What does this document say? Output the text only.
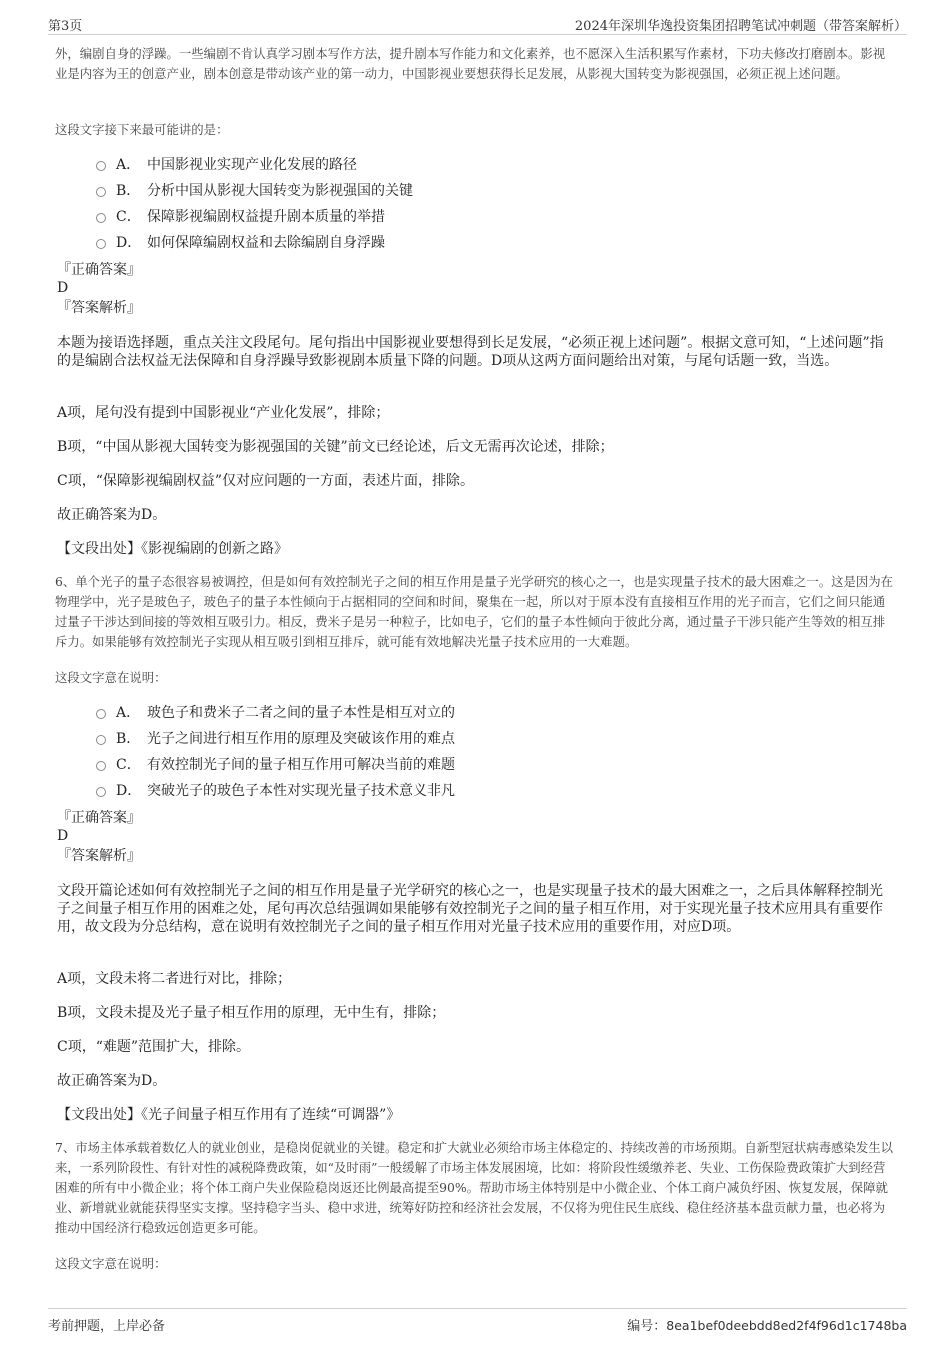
第3页	2024年深圳华逸投资集团招聘笔试冲刺题（带答案解析）

外，编剧自身的浮躁。一些编剧不肯认真学习剧本写作方法，提升剧本写作能力和文化素养，也不愿深入生活积累写作素材，下功夫修改打磨剧本。影视业是内容为王的创意产业，剧本创意是带动该产业的第一动力，中国影视业要想获得长足发展，从影视大国转变为影视强国，必须正视上述问题。

这段文字接下来最可能讲的是：

A． 中国影视业实现产业化发展的路径
B． 分析中国从影视大国转变为影视强国的关键
C． 保障影视编剧权益提升剧本质量的举措
D． 如何保障编剧权益和去除编剧自身浮躁
『正确答案』
D
『答案解析』

本题为接语选择题，重点关注文段尾句。尾句指出中国影视业要想得到长足发展，“必须正视上述问题”。根据文意可知，“上述问题”指的是编剧合法权益无法保障和自身浮躁导致影视剧本质量下降的问题。D项从这两方面问题给出对策，与尾句话题一致，当选。

A项，尾句没有提到中国影视业“产业化发展”，排除；

B项，“中国从影视大国转变为影视强国的关键”前文已经论述，后文无需再次论述，排除；

C项，“保障影视编剧权益”仅对应问题的一方面，表述片面，排除。

故正确答案为D。

【文段出处】《影视编剧的创新之路》

6、单个光子的量子态很容易被调控，但是如何有效控制光子之间的相互作用是量子光学研究的核心之一，也是实现量子技术的最大困难之一。这是因为在物理学中，光子是玻色子，玻色子的量子本性倾向于占据相同的空间和时间，聚集在一起，所以对于原本没有直接相互作用的光子而言，它们之间只能通过量子干涉达到间接的等效相互吸引力。相反，费米子是另一种粒子，比如电子，它们的量子本性倾向于彼此分离，通过量子干涉只能产生等效的相互排斥力。如果能够有效控制光子实现从相互吸引到相互排斥，就可能有效地解决光量子技术应用的一大难题。

这段文字意在说明：

A． 玻色子和费米子二者之间的量子本性是相互对立的
B． 光子之间进行相互作用的原理及突破该作用的难点
C． 有效控制光子间的量子相互作用可解决当前的难题
D． 突破光子的玻色子本性对实现光量子技术意义非凡
『正确答案』
D
『答案解析』

文段开篇论述如何有效控制光子之间的相互作用是量子光学研究的核心之一，也是实现量子技术的最大困难之一，之后具体解释控制光子之间量子相互作用的困难之处，尾句再次总结强调如果能够有效控制光子之间的量子相互作用，对于实现光量子技术应用具有重要作用，故文段为分总结构，意在说明有效控制光子之间的量子相互作用对光量子技术应用的重要作用，对应D项。

A项，文段未将二者进行对比，排除；

B项，文段未提及光子量子相互作用的原理，无中生有，排除；

C项，“难题”范围扩大，排除。

故正确答案为D。

【文段出处】《光子间量子相互作用有了连续“可调器”》

7、市场主体承载着数亿人的就业创业，是稳岗促就业的关键。稳定和扩大就业必须给市场主体稳定的、持续改善的市场预期。自新型冠状病毒感染发生以来，一系列阶段性、有针对性的减税降费政策，如“及时雨”一般缓解了市场主体发展困境，比如：将阶段性缓缴养老、失业、工伤保险费政策扩大到经营困难的所有中小微企业；将个体工商户失业保险稳岗返还比例最高提至90%。帮助市场主体特别是中小微企业、个体工商户减负纾困、恢复发展，保障就业、新增就业就能获得坚实支撑。坚持稳字当头、稳中求进，统筹好防控和经济社会发展，不仅将为兜住民生底线、稳住经济基本盘贡献力量，也必将为推动中国经济行稳致远创造更多可能。

这段文字意在说明：

考前押题，上岸必备	编号：8ea1bef0deebdd8ed2f4f96d1c1748ba
